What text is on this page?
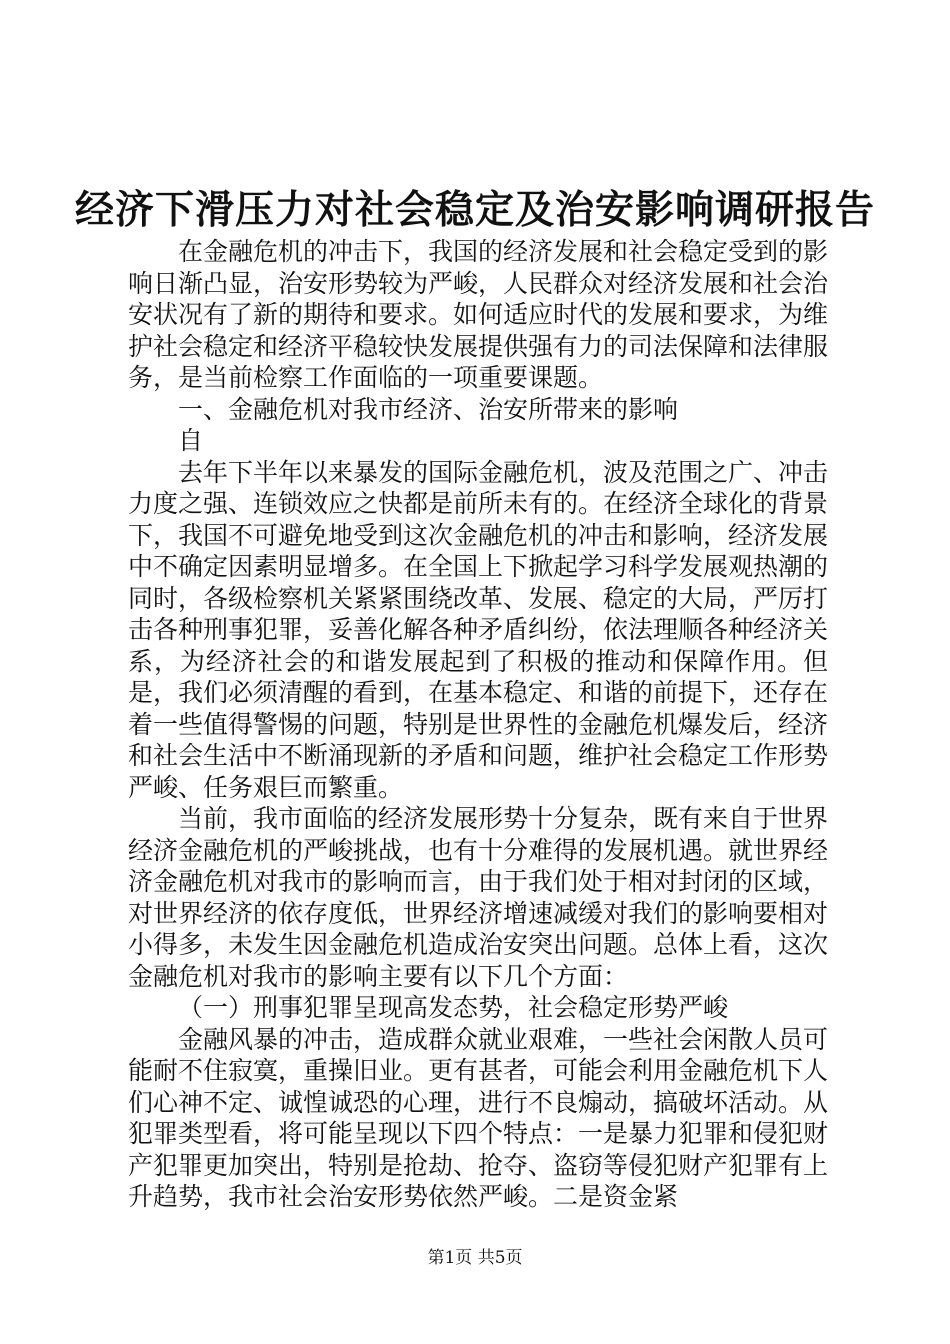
经济下滑压力对社会稳定及治安影响调研报告

在金融危机的冲击下，我国的经济发展和社会稳定受到的影响日渐凸显，治安形势较为严峻，人民群众对经济发展和社会治安状况有了新的期待和要求。如何适应时代的发展和要求，为维护社会稳定和经济平稳较快发展提供强有力的司法保障和法律服务，是当前检察工作面临的一项重要课题。

一、金融危机对我市经济、治安所带来的影响

自

去年下半年以来暴发的国际金融危机，波及范围之广、冲击力度之强、连锁效应之快都是前所未有的。在经济全球化的背景下，我国不可避免地受到这次金融危机的冲击和影响，经济发展中不确定因素明显增多。在全国上下掀起学习科学发展观热潮的同时，各级检察机关紧紧围绕改革、发展、稳定的大局，严厉打击各种刑事犯罪，妥善化解各种矛盾纠纷，依法理顺各种经济关系，为经济社会的和谐发展起到了积极的推动和保障作用。但是，我们必须清醒的看到，在基本稳定、和谐的前提下，还存在着一些值得警惕的问题，特别是世界性的金融危机爆发后，经济和社会生活中不断涌现新的矛盾和问题，维护社会稳定工作形势严峻、任务艰巨而繁重。

当前，我市面临的经济发展形势十分复杂，既有来自于世界经济金融危机的严峻挑战，也有十分难得的发展机遇。就世界经济金融危机对我市的影响而言，由于我们处于相对封闭的区域，对世界经济的依存度低，世界经济增速减缓对我们的影响要相对小得多，未发生因金融危机造成治安突出问题。总体上看，这次金融危机对我市的影响主要有以下几个方面：

（一）刑事犯罪呈现高发态势，社会稳定形势严峻

金融风暴的冲击，造成群众就业艰难，一些社会闲散人员可能耐不住寂寞，重操旧业。更有甚者，可能会利用金融危机下人们心神不定、诚惶诚恐的心理，进行不良煽动，搞破坏活动。从犯罪类型看，将可能呈现以下四个特点：一是暴力犯罪和侵犯财产犯罪更加突出，特别是抢劫、抢夺、盗窃等侵犯财产犯罪有上升趋势，我市社会治安形势依然严峻。二是资金紧

第1页 共5页
